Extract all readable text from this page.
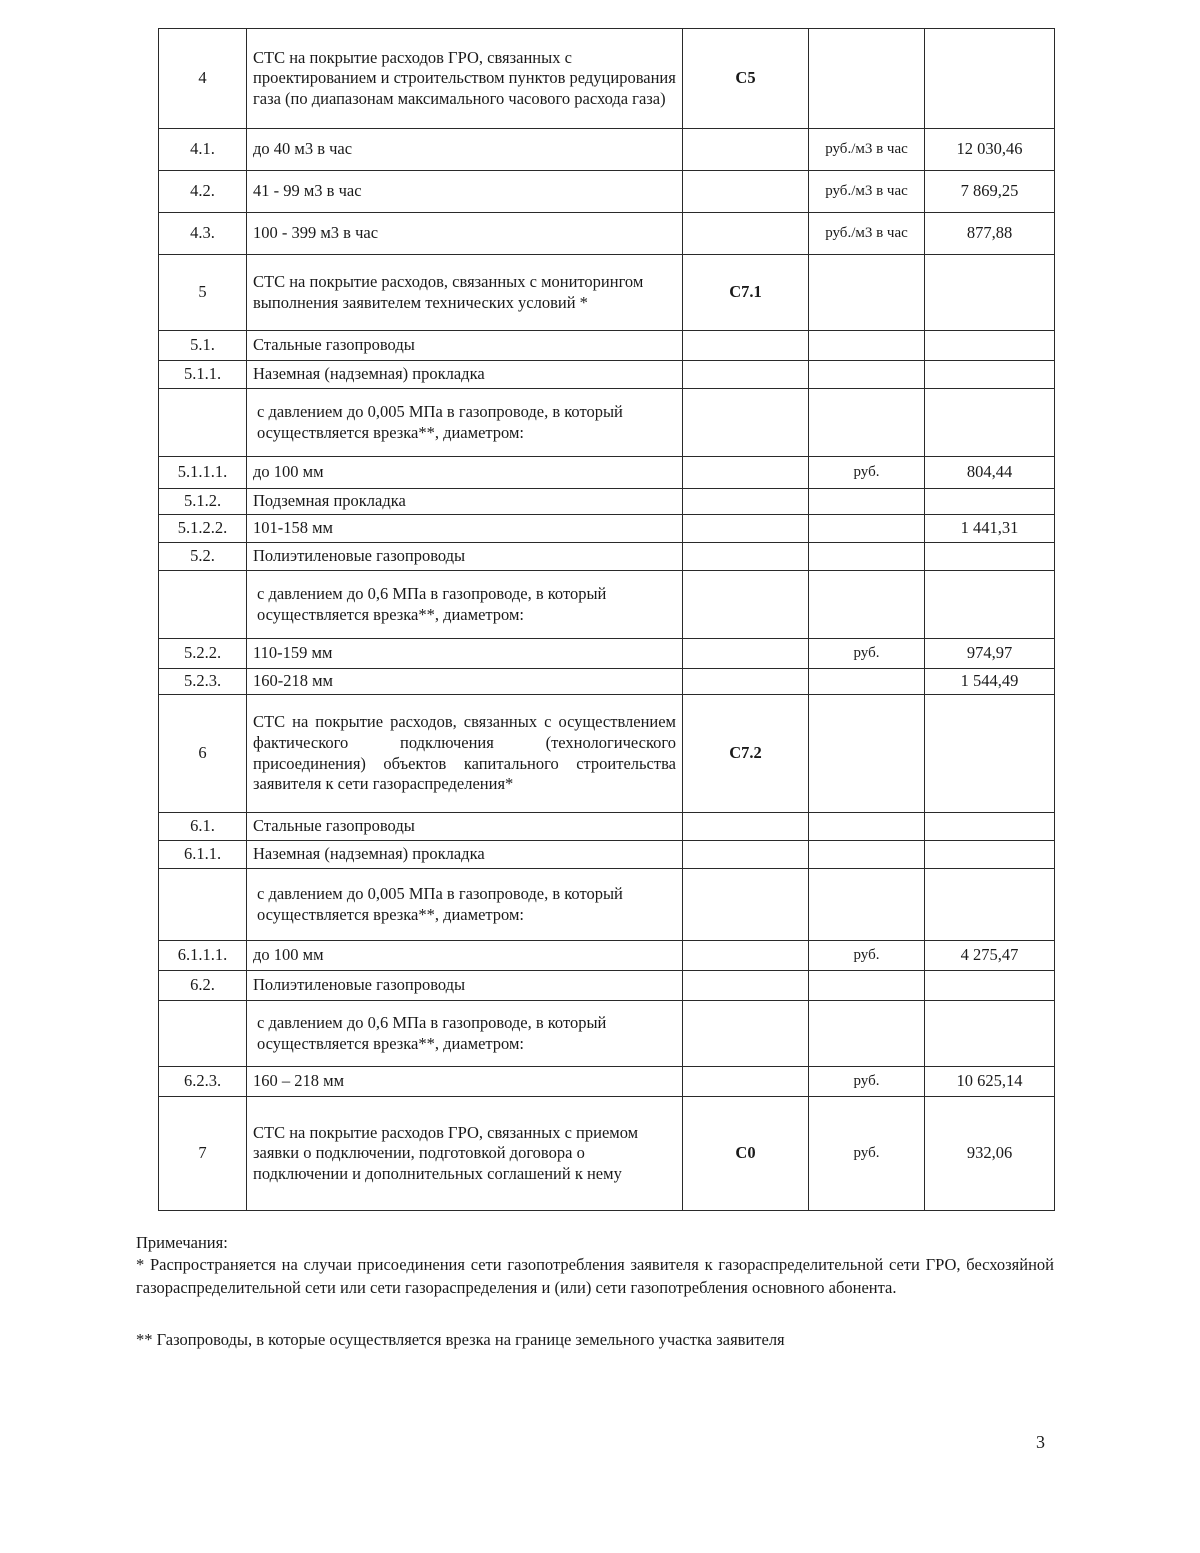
4	СТС на покрытие расходов ГРО, связанных с проектированием и строительством пунктов редуцирования газа (по диапазонам максимального часового расхода газа)	С5		
4.1.	до 40 м3 в час		руб./м3 в час	12 030,46
4.2.	41 - 99 м3 в час		руб./м3 в час	7 869,25
4.3.	100 - 399 м3 в час		руб./м3 в час	877,88
5	СТС на покрытие расходов, связанных с мониторингом выполнения заявителем технических условий *	С7.1		
5.1.	Стальные газопроводы			
5.1.1.	Наземная (надземная) прокладка			
	с давлением до 0,005 МПа в газопроводе, в который осуществляется врезка**, диаметром:			
5.1.1.1.	до 100 мм		руб.	804,44
5.1.2.	Подземная прокладка			
5.1.2.2.	101-158 мм			1 441,31
5.2.	Полиэтиленовые газопроводы			
	с давлением до 0,6 МПа в газопроводе, в который осуществляется врезка**, диаметром:			
5.2.2.	110-159 мм		руб.	974,97
5.2.3.	160-218 мм			1 544,49
6	СТС на покрытие расходов, связанных с осуществлением фактического подключения (технологического присоединения) объектов капитального строительства заявителя к сети газораспределения*	С7.2		
6.1.	Стальные газопроводы			
6.1.1.	Наземная (надземная) прокладка			
	с давлением до 0,005 МПа в газопроводе, в который осуществляется врезка**, диаметром:			
6.1.1.1.	до 100 мм		руб.	4 275,47
6.2.	Полиэтиленовые газопроводы			
	с давлением до 0,6 МПа в газопроводе, в который осуществляется врезка**, диаметром:			
6.2.3.	160 – 218 мм		руб.	10 625,14
7	СТС на покрытие расходов ГРО, связанных с приемом заявки о подключении, подготовкой договора о подключении и дополнительных соглашений к нему	С0	руб.	932,06

Примечания:

* Распространяется на случаи присоединения сети газопотребления заявителя к газораспределительной сети ГРО, бесхозяйной газораспределительной сети или сети газораспределения и (или) сети газопотребления основного абонента.

** Газопроводы, в которые осуществляется врезка на границе земельного участка заявителя

3
